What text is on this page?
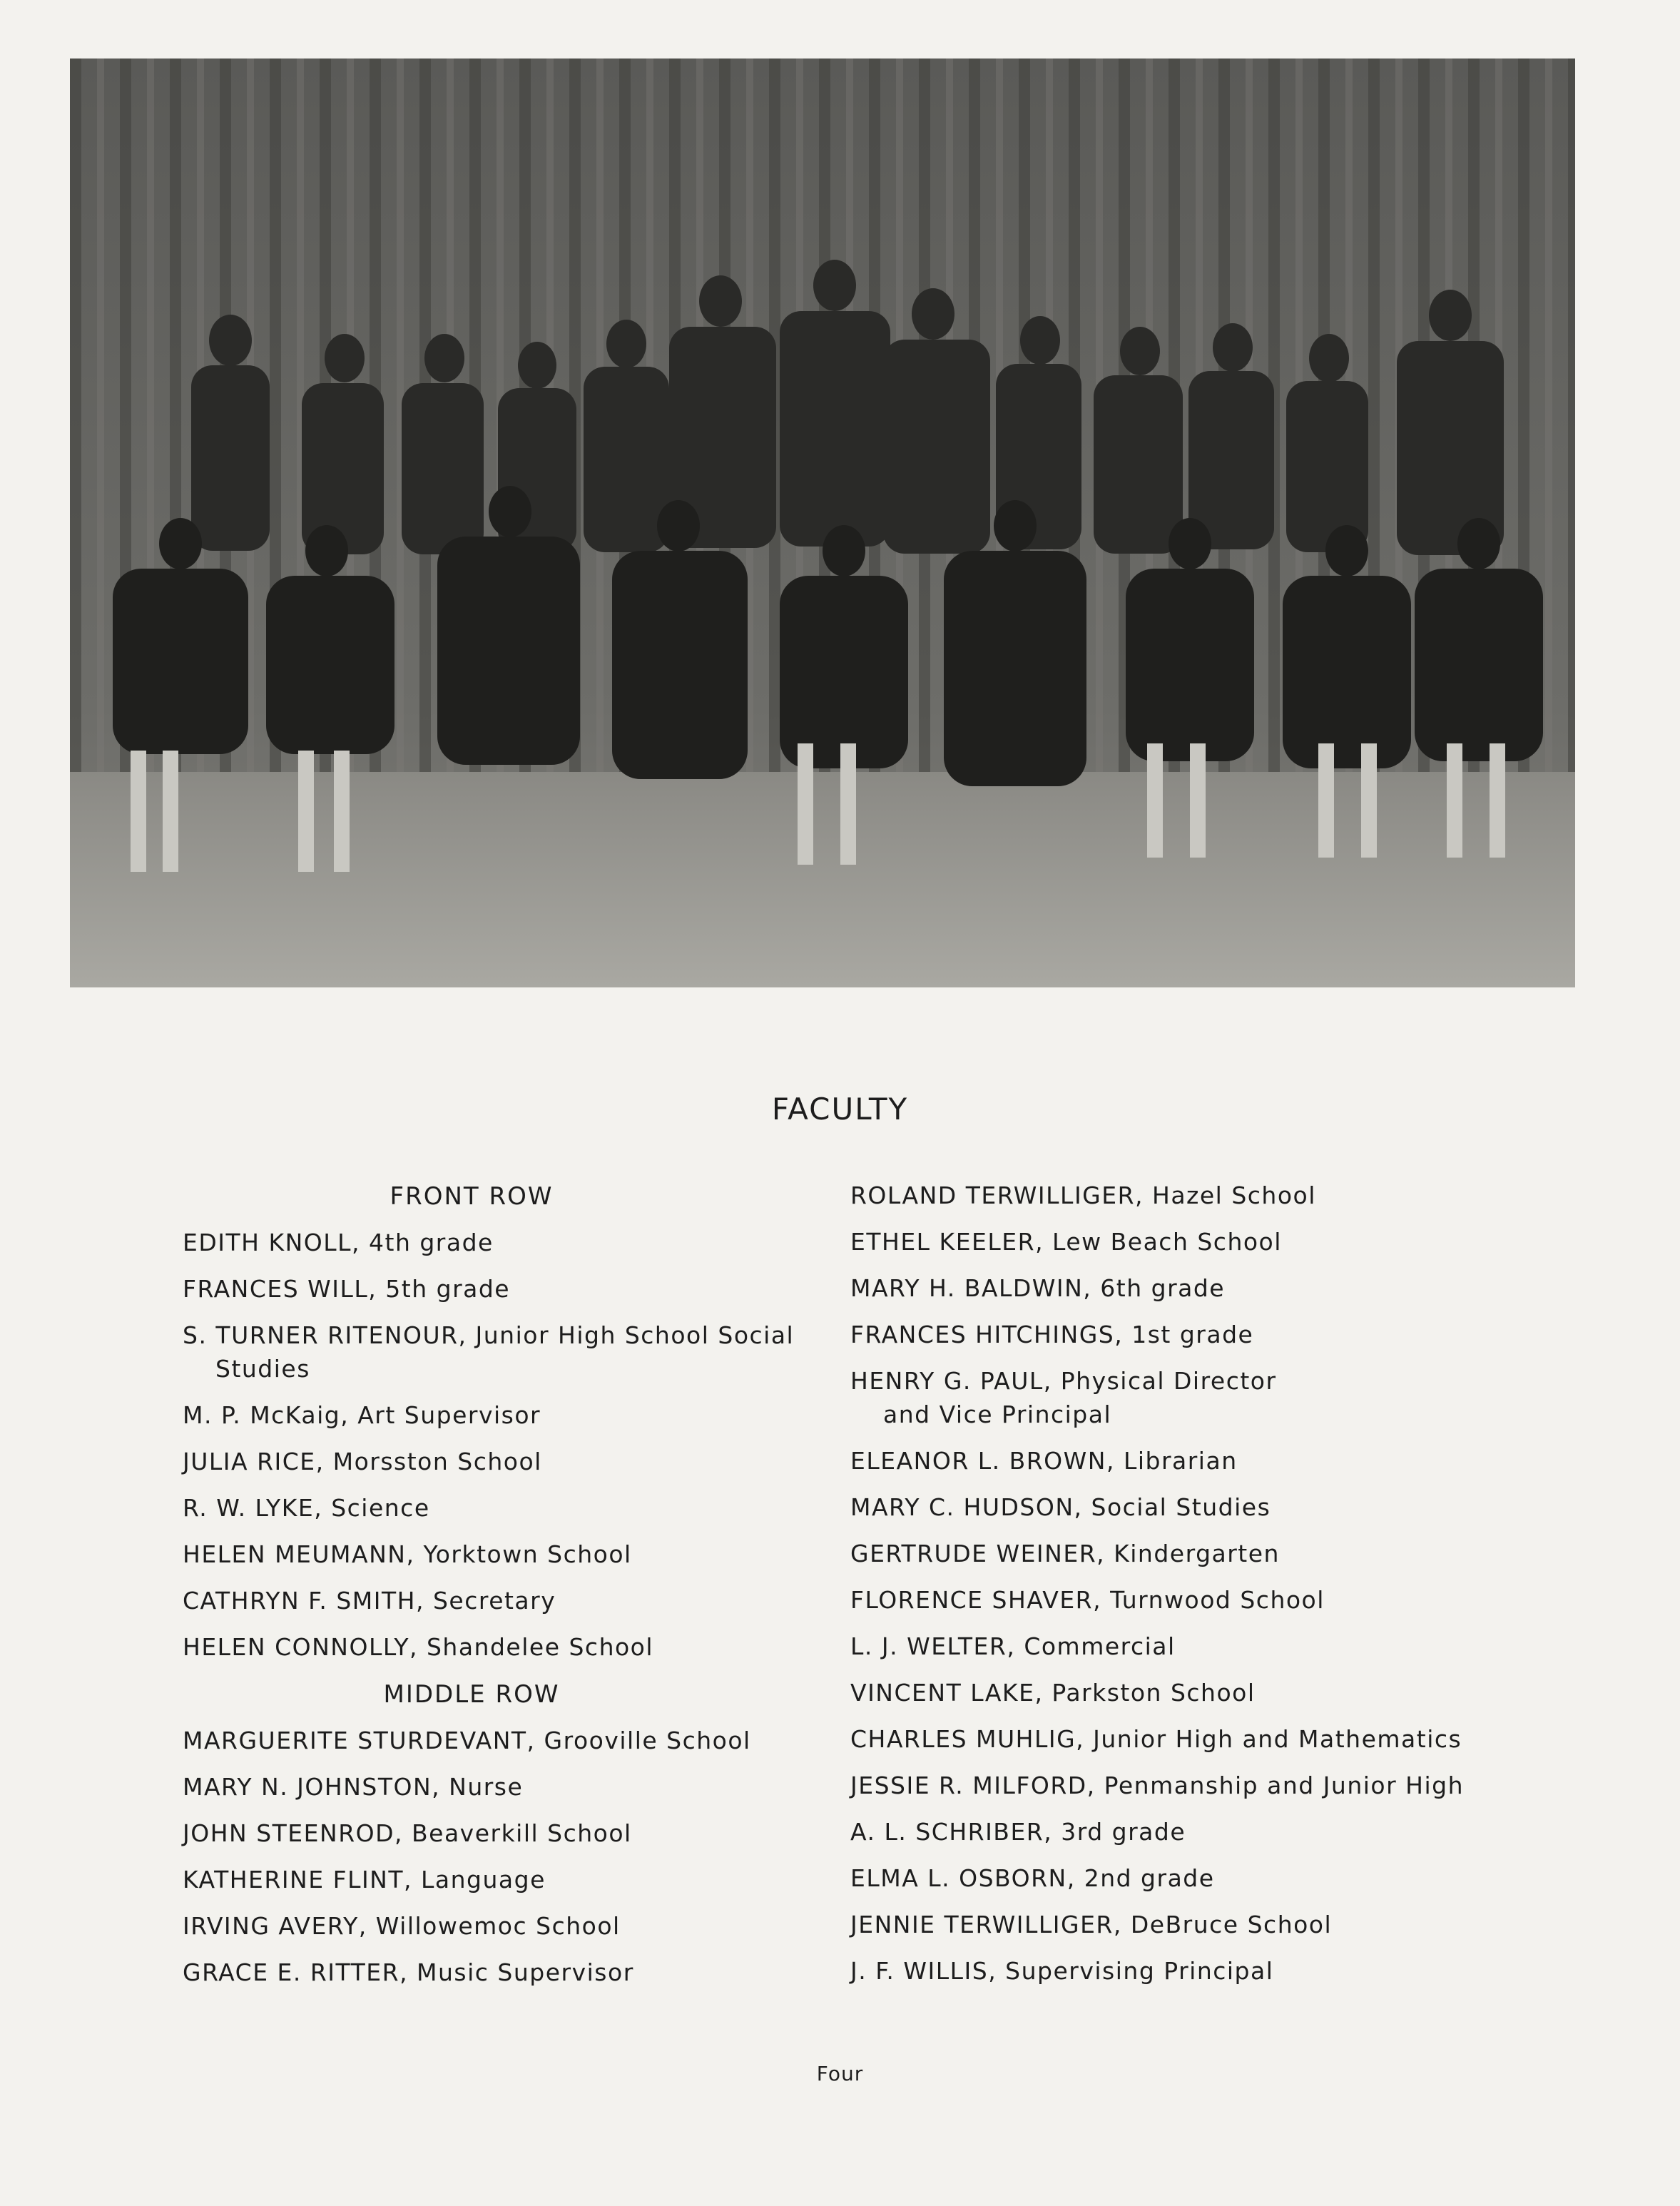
FACULTY
FRONT ROW
EDITH KNOLL, 4th grade
FRANCES WILL, 5th grade
S. TURNER RITENOUR, Junior High School Social
Studies
M. P. McKaig, Art Supervisor
JULIA RICE, Morsston School
R. W. LYKE, Science
HELEN MEUMANN, Yorktown School
CATHRYN F. SMITH, Secretary
HELEN CONNOLLY, Shandelee School
MIDDLE ROW
MARGUERITE STURDEVANT, Grooville School
MARY N. JOHNSTON, Nurse
JOHN STEENROD, Beaverkill School
KATHERINE FLINT, Language
IRVING AVERY, Willowemoc School
GRACE E. RITTER, Music Supervisor
ROLAND TERWILLIGER, Hazel School
ETHEL KEELER, Lew Beach School
MARY H. BALDWIN, 6th grade
FRANCES HITCHINGS, 1st grade
HENRY G. PAUL, Physical Director
and Vice Principal
ELEANOR L. BROWN, Librarian
MARY C. HUDSON, Social Studies
GERTRUDE WEINER, Kindergarten
FLORENCE SHAVER, Turnwood School
L. J. WELTER, Commercial
VINCENT LAKE, Parkston School
CHARLES MUHLIG, Junior High and Mathematics
JESSIE R. MILFORD, Penmanship and Junior High
A. L. SCHRIBER, 3rd grade
ELMA L. OSBORN, 2nd grade
JENNIE TERWILLIGER, DeBruce School
J. F. WILLIS, Supervising Principal
Four
